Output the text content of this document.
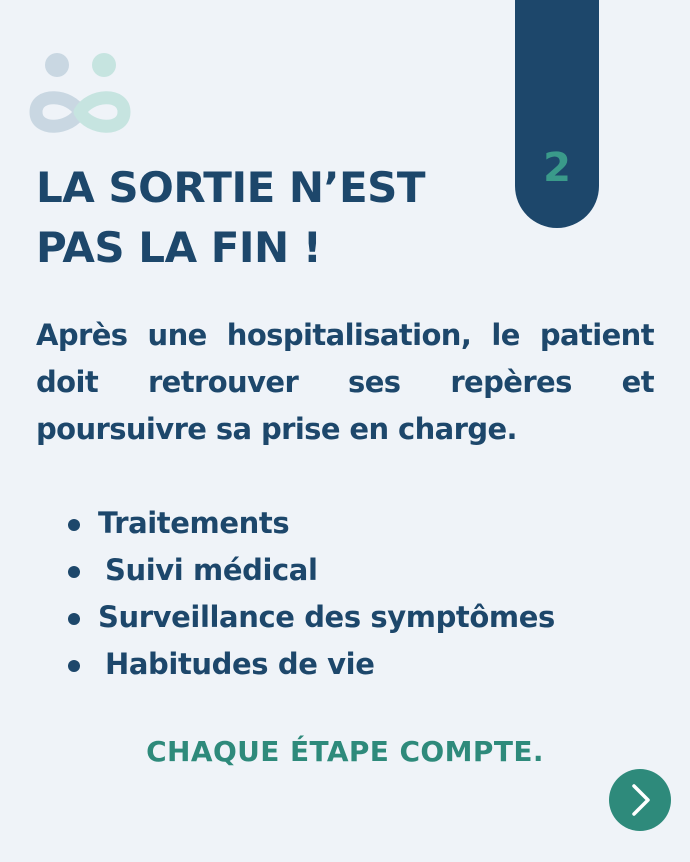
2
LA SORTIE N’EST
PAS LA FIN !

Après une hospitalisation, le patient doit retrouver ses repères et poursuivre sa prise en charge.

Traitements
Suivi médical
Surveillance des symptômes
Habitudes de vie

CHAQUE ÉTAPE COMPTE.
